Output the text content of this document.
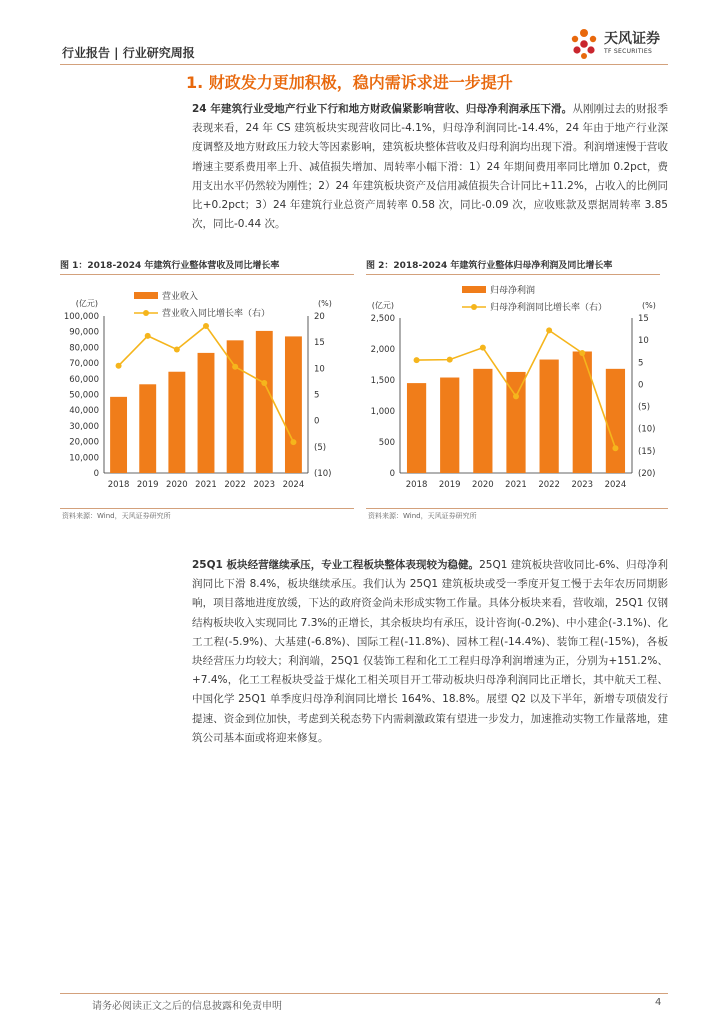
行业报告 | 行业研究周报
天风证券
TF SECURITIES
1. 财政发力更加积极，稳内需诉求进一步提升
24 年建筑行业受地产行业下行和地方财政偏紧影响营收、归母净利润承压下滑。从刚刚过去的财报季表现来看，24 年 CS 建筑板块实现营收同比-4.1%，归母净利润同比-14.4%，24 年由于地产行业深度调整及地方财政压力较大等因素影响，建筑板块整体营收及归母利润均出现下滑。利润增速慢于营收增速主要系费用率上升、减值损失增加、周转率小幅下滑：1）24 年期间费用率同比增加 0.2pct，费用支出水平仍然较为刚性；2）24 年建筑板块资产及信用减值损失合计同比+11.2%，占收入的比例同比+0.2pct；3）24 年建筑行业总资产周转率 0.58 次，同比-0.09 次，应收账款及票据周转率 3.85 次，同比-0.44 次。
图 1：2018-2024 年建筑行业整体营收及同比增长率
(亿元)	(%)
0
10,000
20,000
30,000
40,000
50,000
60,000
70,000
80,000
90,000
100,000
(10)
(5)
0
5
10
15
20
2018 2019 2020 2021 2022 2023 2024
营业收入
营业收入同比增长率（右）
资料来源：Wind，天风证券研究所
图 2：2018-2024 年建筑行业整体归母净利润及同比增长率
(亿元)	(%)
0
500
1,000
1,500
2,000
2,500
(20)
(15)
(10)
(5)
0
5
10
15
2018 2019 2020 2021 2022 2023 2024
归母净利润
归母净利润同比增长率（右）
资料来源：Wind，天风证券研究所
25Q1 板块经营继续承压，专业工程板块整体表现较为稳健。25Q1 建筑板块营收同比-6%、归母净利润同比下滑 8.4%，板块继续承压。我们认为 25Q1 建筑板块或受一季度开复工慢于去年农历同期影响，项目落地进度放缓，下达的政府资金尚未形成实物工作量。具体分板块来看，营收端，25Q1 仅钢结构板块收入实现同比 7.3%的正增长，其余板块均有承压，设计咨询(-0.2%)、中小建企(-3.1%)、化工工程(-5.9%)、大基建(-6.8%)、国际工程(-11.8%)、园林工程(-14.4%)、装饰工程(-15%)，各板块经营压力均较大；利润端，25Q1 仅装饰工程和化工工程归母净利润增速为正，分别为+151.2%、+7.4%，化工工程板块受益于煤化工相关项目开工带动板块归母净利润同比正增长，其中航天工程、中国化学 25Q1 单季度归母净利润同比增长 164%、18.8%。展望 Q2 以及下半年，新增专项债发行提速、资金到位加快，考虑到关税态势下内需刺激政策有望进一步发力，加速推动实物工作量落地，建筑公司基本面或将迎来修复。
请务必阅读正文之后的信息披露和免责申明	4
